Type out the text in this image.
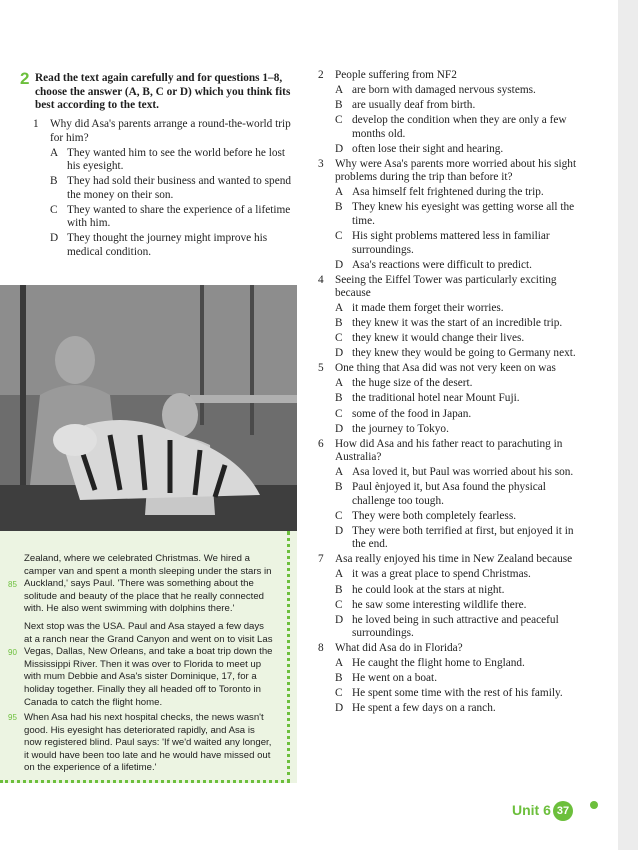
2 Read the text again carefully and for questions 1–8, choose the answer (A, B, C or D) which you think fits best according to the text.
1 Why did Asa's parents arrange a round-the-world trip for him?
A They wanted him to see the world before he lost his eyesight.
B They had sold their business and wanted to spend the money on their son.
C They wanted to share the experience of a lifetime with him.
D They thought the journey might improve his medical condition.
2 People suffering from NF2
A are born with damaged nervous systems.
B are usually deaf from birth.
C develop the condition when they are only a few months old.
D often lose their sight and hearing.
3 Why were Asa's parents more worried about his sight problems during the trip than before it?
A Asa himself felt frightened during the trip.
B They knew his eyesight was getting worse all the time.
C His sight problems mattered less in familiar surroundings.
D Asa's reactions were difficult to predict.
4 Seeing the Eiffel Tower was particularly exciting because
A it made them forget their worries.
B they knew it was the start of an incredible trip.
C they knew it would change their lives.
D they knew they would be going to Germany next.
5 One thing that Asa did was not very keen on was
A the huge size of the desert.
B the traditional hotel near Mount Fuji.
C some of the food in Japan.
D the journey to Tokyo.
6 How did Asa and his father react to parachuting in Australia?
A Asa loved it, but Paul was worried about his son.
B Paul ènjoyed it, but Asa found the physical challenge too tough.
C They were both completely fearless.
D They were both terrified at first, but enjoyed it in the end.
7 Asa really enjoyed his time in New Zealand because
A it was a great place to spend Christmas.
B he could look at the stars at night.
C he saw some interesting wildlife there.
D he loved being in such attractive and peaceful surroundings.
8 What did Asa do in Florida?
A He caught the flight home to England.
B He went on a boat.
C He spent some time with the rest of his family.
D He spent a few days on a ranch.
85
Zealand, where we celebrated Christmas. We hired a camper van and spent a month sleeping under the stars in Auckland,' says Paul. 'There was something about the solitude and beauty of the place that he really connected with. He also went swimming with dolphins there.'
90
Next stop was the USA. Paul and Asa stayed a few days at a ranch near the Grand Canyon and went on to visit Las Vegas, Dallas, New Orleans, and take a boat trip down the Mississippi River. Then it was over to Florida to meet up with mum Debbie and Asa's sister Dominique, 17, for a holiday together. Finally they all headed off to Toronto in Canada to catch the flight home.
95 When Asa had his next hospital checks, the news wasn't good. His eyesight has deteriorated rapidly, and Asa is now registered blind. Paul says: 'If we'd waited any longer, it would have been too late and he would have missed out on the experience of a lifetime.'
Unit 6 37
